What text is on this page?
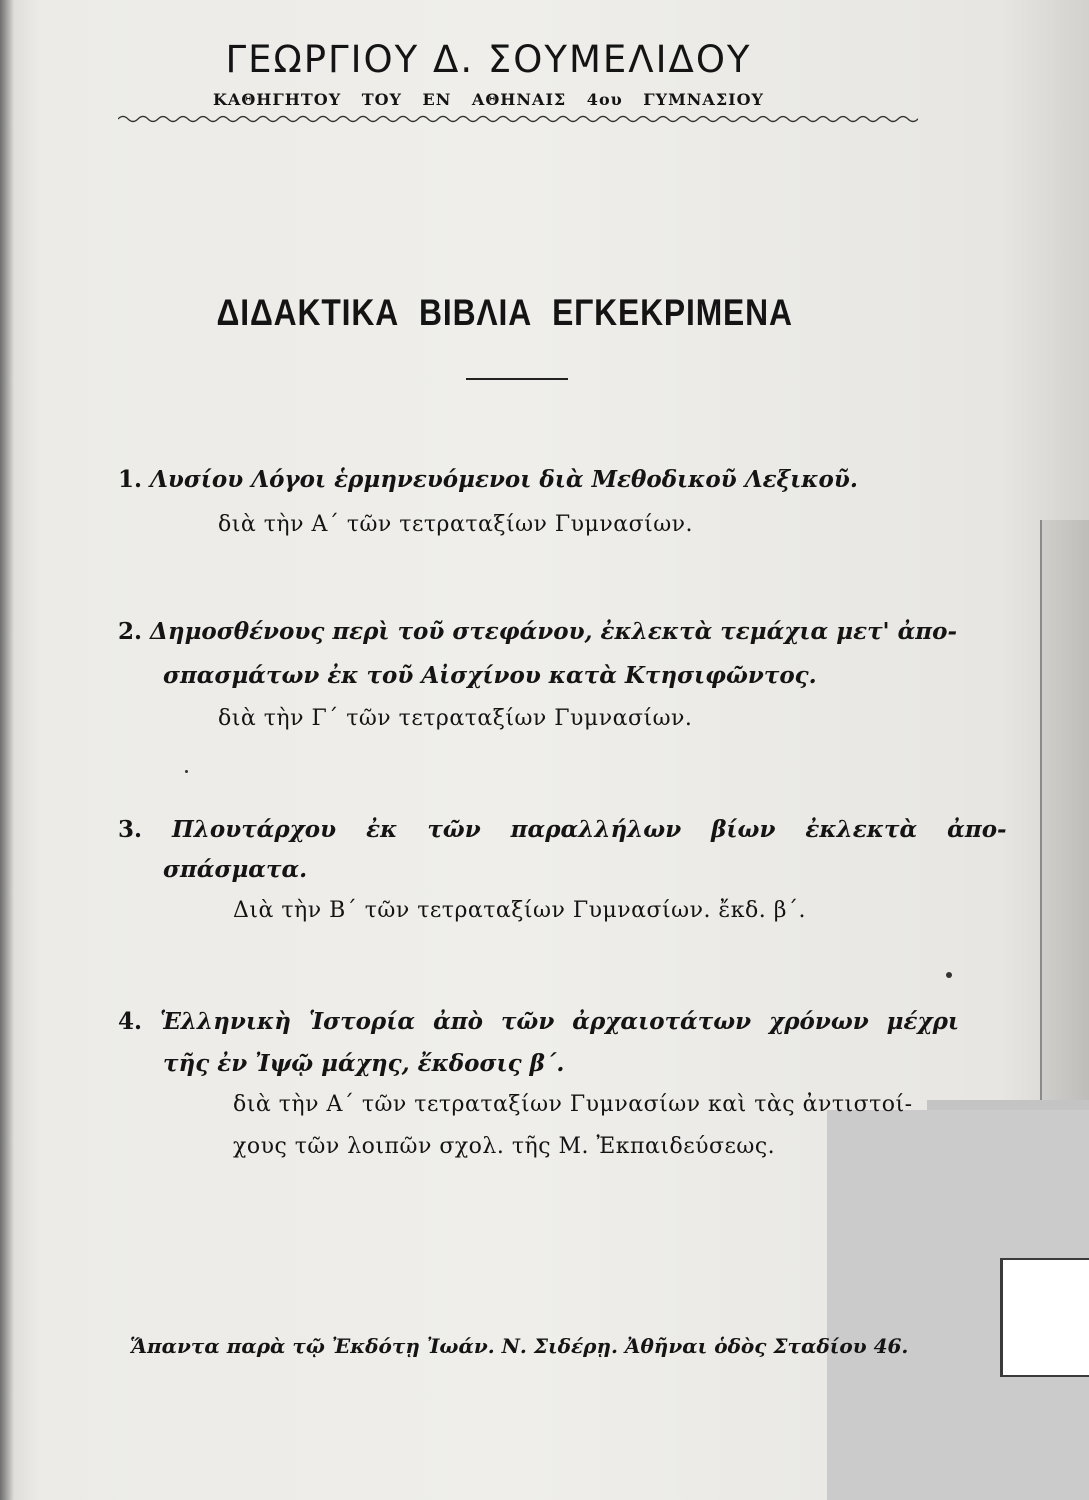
ΓΕΩΡΓΙΟΥ Δ. ΣΟΥΜΕΛΙΔΟΥ
ΚΑΘΗΓΗΤΟΥ ΤΟΥ ΕΝ ΑΘΗΝΑΙΣ 4ου ΓΥΜΝΑΣΙΟΥ
ΔΙΔΑΚΤΙΚΑ ΒΙΒΛΙΑ ΕΓΚΕΚΡΙΜΕΝΑ
1. Λυσίου Λόγοι ἑρμηνευόμενοι διὰ Μεθοδικοῦ Λεξικοῦ.
διὰ τὴν Α΄ τῶν τετραταξίων Γυμνασίων.
2. Δημοσθένους περὶ τοῦ στεφάνου, ἐκλεκτὰ τεμάχια μετ' ἀπο-
σπασμάτων ἐκ τοῦ Αἰσχίνου κατὰ Κτησιφῶντος.
διὰ τὴν Γ΄ τῶν τετραταξίων Γυμνασίων.
3. Πλουτάρχου ἐκ τῶν παραλλήλων βίων ἐκλεκτὰ ἀπο-
σπάσματα.
Διὰ τὴν Β΄ τῶν τετραταξίων Γυμνασίων. ἔκδ. β΄.
4. Ἑλληνικὴ Ἱστορία ἀπὸ τῶν ἀρχαιοτάτων χρόνων μέχρι
τῆς ἐν Ἰψῷ μάχης, ἔκδοσις β΄.
διὰ τὴν Α΄ τῶν τετραταξίων Γυμνασίων καὶ τὰς ἀντιστοί-
χους τῶν λοιπῶν σχολ. τῆς Μ. Ἐκπαιδεύσεως.
Ἅπαντα παρὰ τῷ Ἐκδότῃ Ἰωάν. Ν. Σιδέρῃ. Ἀθῆναι ὁδὸς Σταδίου 46.
